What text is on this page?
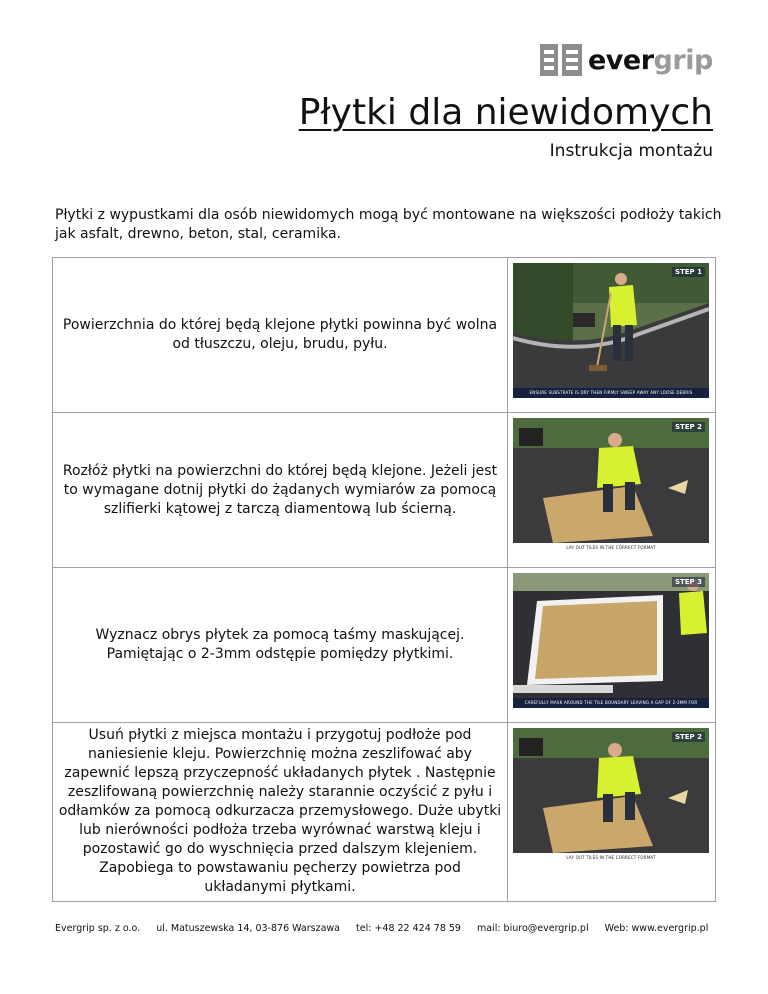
evergrip
Płytki dla niewidomych
Instrukcja montażu
Płytki z wypustkami dla osób niewidomych mogą być montowane na większości podłoży takich jak asfalt, drewno, beton, stal, ceramika.
Powierzchnia do której będą klejone płytki powinna być wolna od tłuszczu, oleju, brudu, pyłu.
STEP 1
ENSURE SUBSTRATE IS DRY THEN FIRMLY SWEEP AWAY ANY LOOSE DEBRIS
Rozłóż płytki na powierzchni do której będą klejone. Jeżeli jest to wymagane dotnij płytki do żądanych wymiarów za pomocą szlifierki kątowej z tarczą diamentową lub ścierną.
STEP 2
LAY OUT TILES IN THE CORRECT FORMAT
Wyznacz obrys płytek za pomocą taśmy maskującej. Pamiętając o 2-3mm odstępie pomiędzy płytkimi.
STEP 3
CAREFULLY MASK AROUND THE TILE BOUNDARY LEAVING A GAP OF 2-3MM FOR ADHESIVE FILLET
Usuń płytki z miejsca montażu i przygotuj podłoże pod naniesienie kleju. Powierzchnię można zeszlifować aby zapewnić lepszą przyczepność układanych płytek . Następnie zeszlifowaną powierzchnię należy starannie oczyścić z pyłu i odłamków za pomocą odkurzacza przemysłowego. Duże ubytki lub nierówności podłoża trzeba wyrównać warstwą kleju i pozostawić go do wyschnięcia przed dalszym klejeniem. Zapobiega to powstawaniu pęcherzy powietrza pod układanymi płytkami.
STEP 2
LAY OUT TILES IN THE CORRECT FORMAT
Evergrip sp. z o.o. ul. Matuszewska 14, 03-876 Warszawa tel: +48 22 424 78 59 mail: biuro@evergrip.pl Web: www.evergrip.pl
